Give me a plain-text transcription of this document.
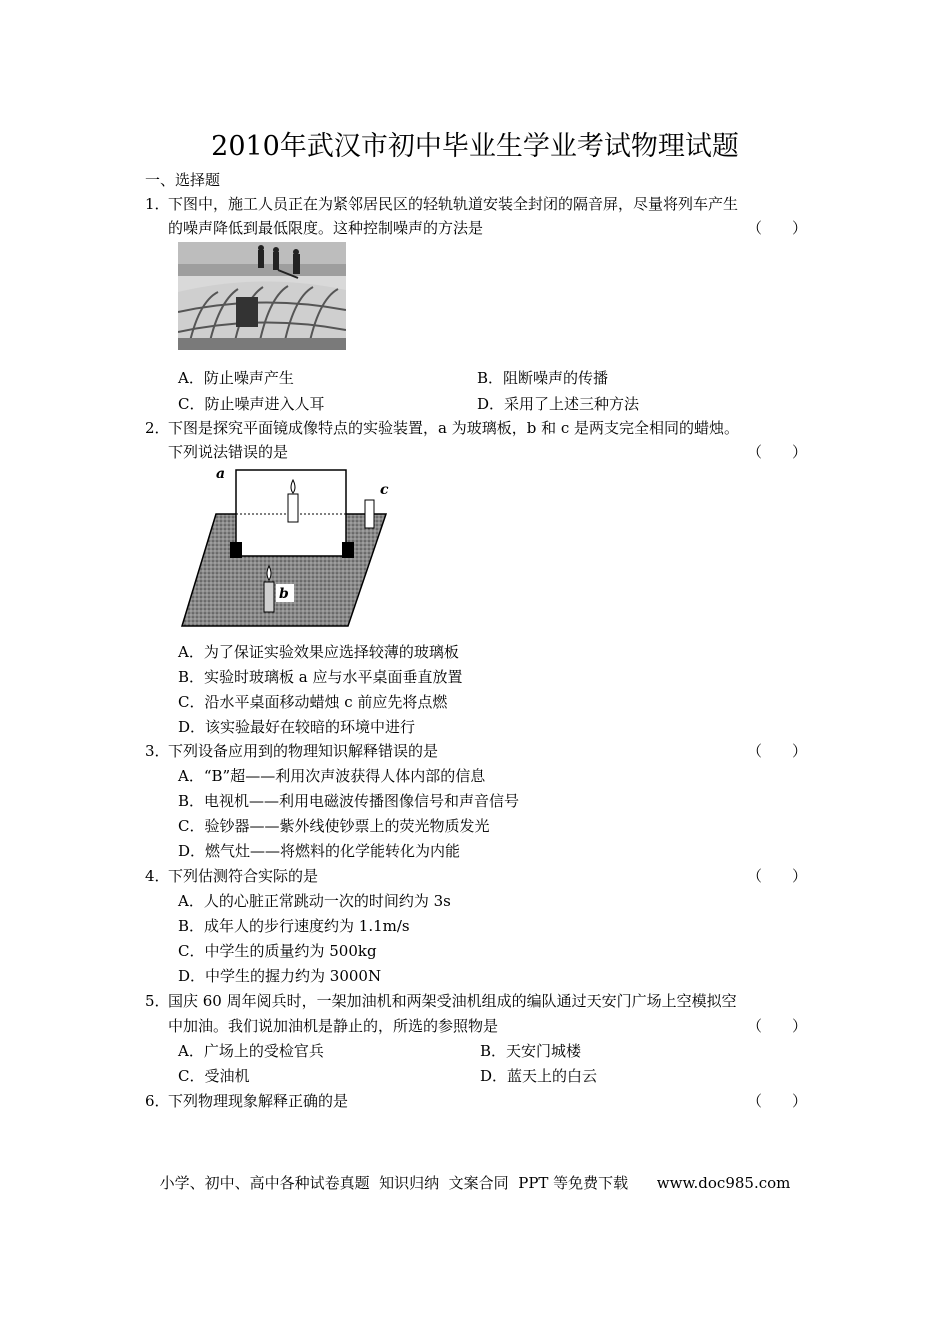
2010年武汉市初中毕业生学业考试物理试题
一、选择题
1．
下图中，施工人员正在为紧邻居民区的轻轨轨道安装全封闭的隔音屏，尽量将列车产生
的噪声降低到最低限度。这种控制噪声的方法是	（　　）
A．防止噪声产生	B．阻断噪声的传播
C．防止噪声进入人耳	D．采用了上述三种方法
2．
下图是探究平面镜成像特点的实验装置，a 为玻璃板，b 和 c 是两支完全相同的蜡烛。
下列说法错误的是	（　　）
a
b
c
A．为了保证实验效果应选择较薄的玻璃板
B．实验时玻璃板 a 应与水平桌面垂直放置
C．沿水平桌面移动蜡烛 c 前应先将点燃
D．该实验最好在较暗的环境中进行
3．
下列设备应用到的物理知识解释错误的是	（　　）
A．“B”超——利用次声波获得人体内部的信息
B．电视机——利用电磁波传播图像信号和声音信号
C．验钞器——紫外线使钞票上的荧光物质发光
D．燃气灶——将燃料的化学能转化为内能
4．
下列估测符合实际的是	（　　）
A．人的心脏正常跳动一次的时间约为 3s
B．成年人的步行速度约为 1.1m/s
C．中学生的质量约为 500kg
D．中学生的握力约为 3000N
5．
国庆 60 周年阅兵时，一架加油机和两架受油机组成的编队通过天安门广场上空模拟空
中加油。我们说加油机是静止的，所选的参照物是	（　　）
A．广场上的受检官兵	B．天安门城楼
C．受油机	D．蓝天上的白云
6．
下列物理现象解释正确的是	（　　）
小学、初中、高中各种试卷真题  知识归纳  文案合同  PPT 等免费下载      www.doc985.com
